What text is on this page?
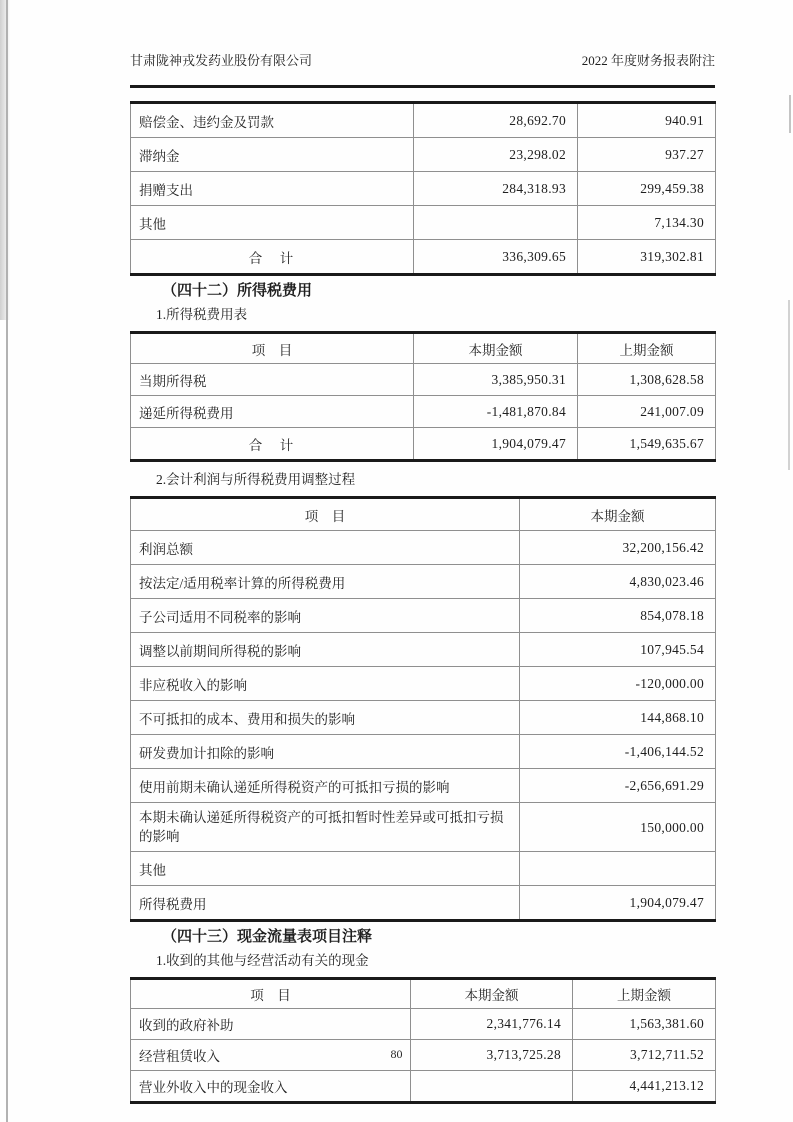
甘肃陇神戎发药业股份有限公司	2022 年度财务报表附注
赔偿金、违约金及罚款	28,692.70	940.91
滞纳金	23,298.02	937.27
捐赠支出	284,318.93	299,459.38
其他		7,134.30
合　计	336,309.65	319,302.81
（四十二）所得税费用
1.所得税费用表
项　目	本期金额	上期金额
当期所得税	3,385,950.31	1,308,628.58
递延所得税费用	-1,481,870.84	241,007.09
合　计	1,904,079.47	1,549,635.67
2.会计利润与所得税费用调整过程
项　目	本期金额
利润总额	32,200,156.42
按法定/适用税率计算的所得税费用	4,830,023.46
子公司适用不同税率的影响	854,078.18
调整以前期间所得税的影响	107,945.54
非应税收入的影响	-120,000.00
不可抵扣的成本、费用和损失的影响	144,868.10
研发费加计扣除的影响	-1,406,144.52
使用前期未确认递延所得税资产的可抵扣亏损的影响	-2,656,691.29
本期未确认递延所得税资产的可抵扣暂时性差异或可抵扣亏损的影响	150,000.00
其他	
所得税费用	1,904,079.47
（四十三）现金流量表项目注释
1.收到的其他与经营活动有关的现金
项　目	本期金额	上期金额
收到的政府补助	2,341,776.14	1,563,381.60
经营租赁收入	3,713,725.28	3,712,711.52
营业外收入中的现金收入		4,441,213.12
80
